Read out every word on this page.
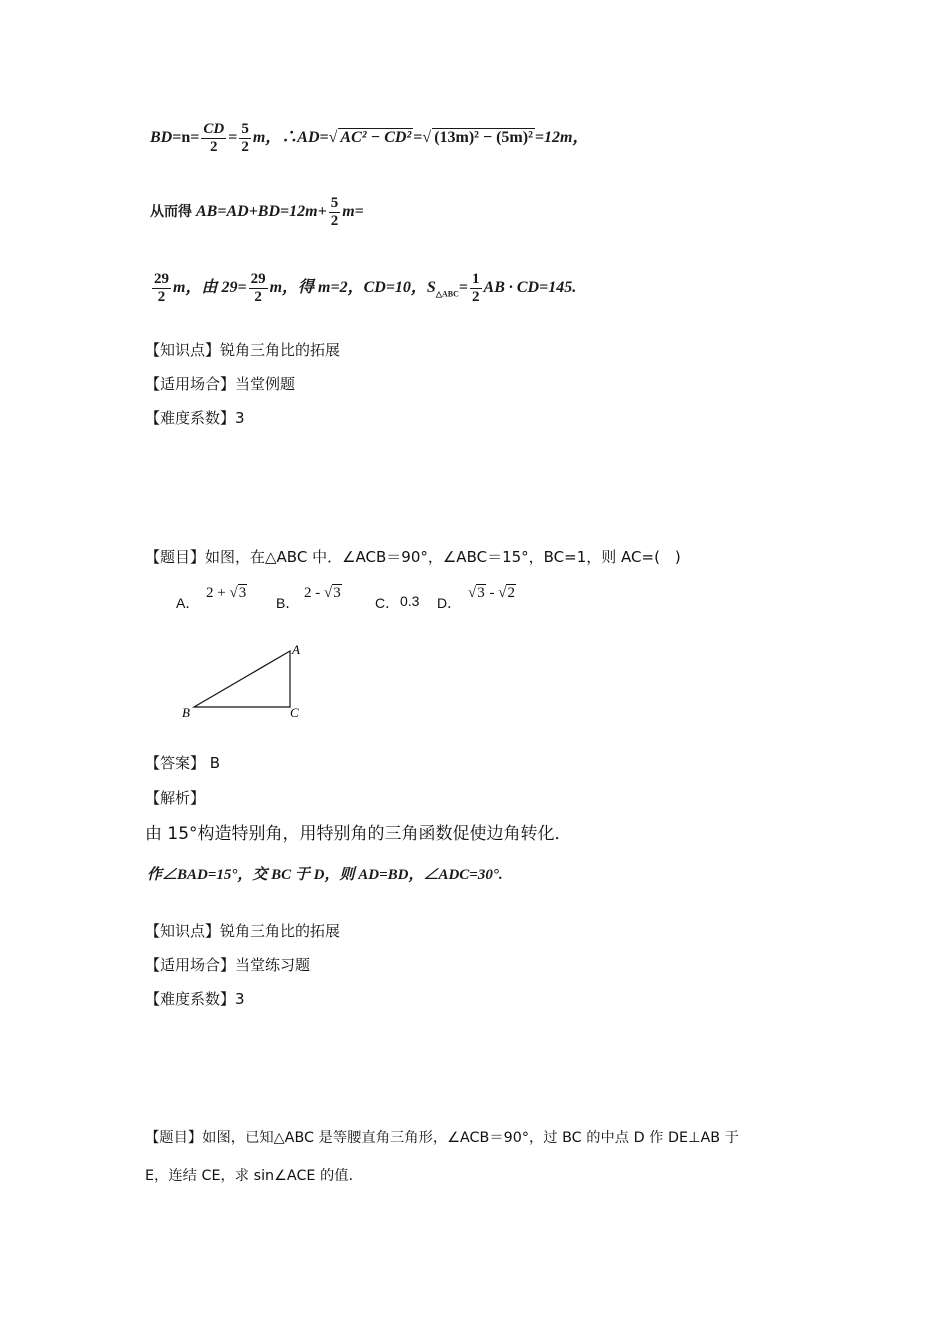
$BD=n= \frac{CD}{2} = \frac{5}{2}$ m，∴AD=√ AC² − CD² =√ (13m)² − (5m)² =12m，
从而得 $AB=AD+BD=12m+ \frac{5}{2} m=$
$\frac{29}{2}$ m，由 $29= \frac{29}{2}$ m，得 m=2，CD=10，$S_{\triangle ABC}= \frac{1}{2}$ AB · CD=145.
【知识点】锐角三角比的拓展
【适用场合】当堂例题
【难度系数】3
【题目】如图，在△ABC 中．∠ACB＝90°，∠ABC＝15°，BC=1，则 AC=(　)
A．
2 + √3
B．
2 - √3
C． 0.3 D．
√3 - √2
A
B	C
【答案】 B
【解析】
由 15°构造特别角，用特别角的三角函数促使边角转化．
作∠BAD=15°，交 BC 于 D，则 AD=BD，∠ADC=30°.
【知识点】锐角三角比的拓展
【适用场合】当堂练习题
【难度系数】3
【题目】如图，已知△ABC 是等腰直角三角形，∠ACB＝90°，过 BC 的中点 D 作 DE⊥AB 于
E，连结 CE，求 sin∠ACE 的值．
